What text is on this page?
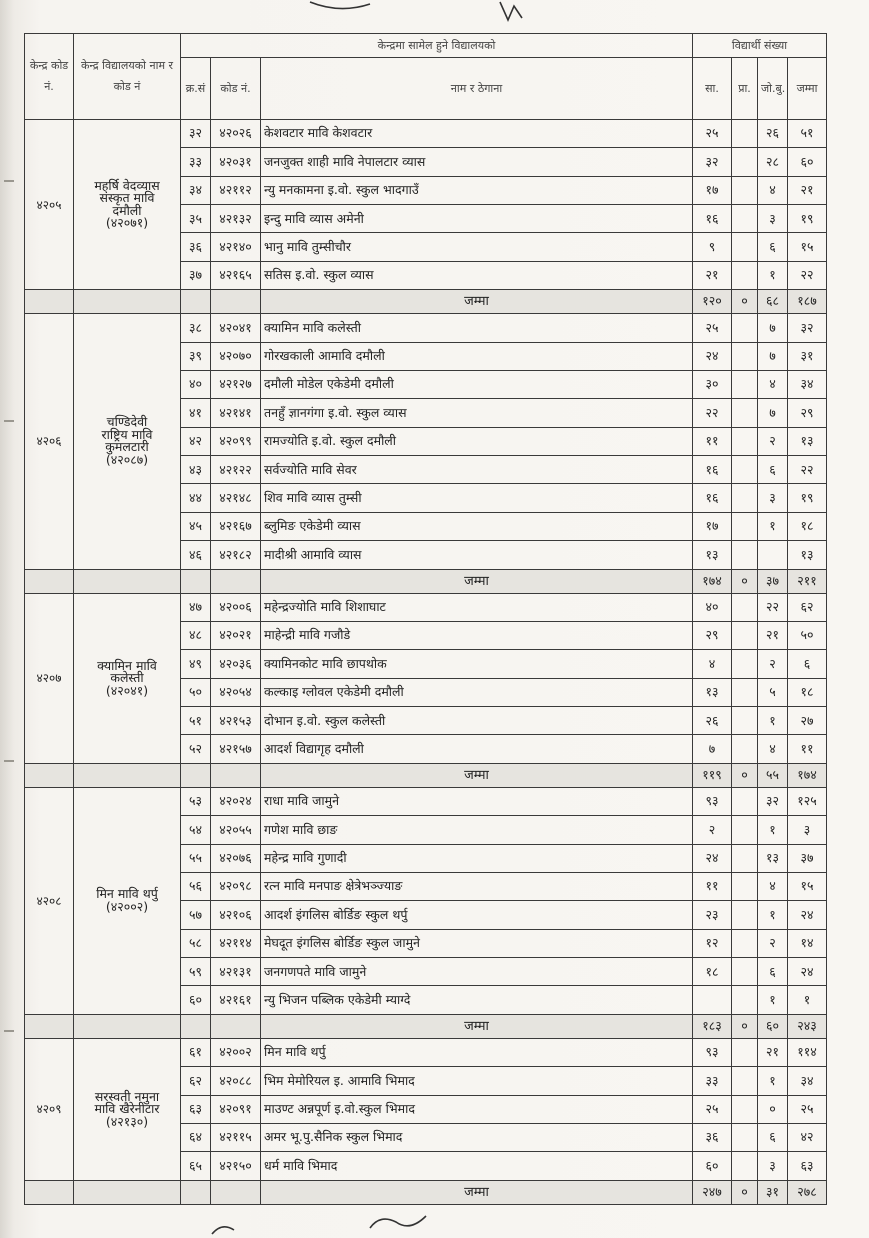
केन्द्र कोड नं.	केन्द्र विद्यालयको नाम र कोड नं	केन्द्रमा सामेल हुने विद्यालयको			विद्यार्थी संख्या			
		क्र.सं	कोड नं.	नाम र ठेगाना	सा.	प्रा.	जो.बु.	जम्मा
४२०५	महर्षि वेदव्यास
संस्कृत मावि
दमौली
(४२०७१)	३२	४२०२६	केशवटार मावि केशवटार	२५		२६	५१
		३३	४२०३१	जनजुक्त शाही मावि नेपालटार व्यास	३२		२८	६०
		३४	४२११२	न्यु मनकामना इ.वो. स्कुल भादगाउँ	१७		४	२१
		३५	४२१३२	इन्दु मावि व्यास अमेनी	१६		३	१९
		३६	४२१४०	भानु मावि तुम्सीचौर	९		६	१५
		३७	४२१६५	सतिस इ.वो. स्कुल व्यास	२१		१	२२
				जम्मा	१२०	०	६८	१८७
४२०६	चण्डिदेवी
राष्ट्रिय मावि
कुमलटारी
(४२०८७)	३८	४२०४१	क्यामिन मावि कलेस्ती	२५		७	३२
		३९	४२०७०	गोरखकाली आमावि दमौली	२४		७	३१
		४०	४२१२७	दमौली मोडेल एकेडेमी दमौली	३०		४	३४
		४१	४२१४१	तनहुँ ज्ञानगंगा इ.वो. स्कुल व्यास	२२		७	२९
		४२	४२०९९	रामज्योति इ.वो. स्कुल दमौली	११		२	१३
		४३	४२१२२	सर्वज्योति मावि सेवर	१६		६	२२
		४४	४२१४८	शिव मावि व्यास तुम्सी	१६		३	१९
		४५	४२१६७	ब्लुमिङ एकेडेमी व्यास	१७		१	१८
		४६	४२१८२	मादीश्री आमावि व्यास	१३			१३
				जम्मा	१७४	०	३७	२११
४२०७	क्यामिन मावि
कलेस्ती
(४२०४१)	४७	४२००६	महेन्द्रज्योति मावि शिशाघाट	४०		२२	६२
		४८	४२०२१	माहेन्द्री मावि गजौडे	२९		२१	५०
		४९	४२०३६	क्यामिनकोट मावि छापथोक	४		२	६
		५०	४२०५४	कल्काइ ग्लोवल एकेडेमी दमौली	१३		५	१८
		५१	४२१५३	दोभान इ.वो. स्कुल कलेस्ती	२६		१	२७
		५२	४२१५७	आदर्श विद्यागृह दमौली	७		४	११
				जम्मा	११९	०	५५	१७४
४२०८	मिन मावि थर्पु
(४२००२)	५३	४२०२४	राधा मावि जामुने	९३		३२	१२५
		५४	४२०५५	गणेश मावि छाङ	२		१	३
		५५	४२०७६	महेन्द्र मावि गुणादी	२४		१३	३७
		५६	४२०९८	रत्न मावि मनपाङ क्षेत्रेभञ्ज्याङ	११		४	१५
		५७	४२१०६	आदर्श इंगलिस बोर्डिङ स्कुल थर्पु	२३		१	२४
		५८	४२११४	मेघदूत इंगलिस बोर्डिङ स्कुल जामुने	१२		२	१४
		५९	४२१३१	जनगणपते मावि जामुने	१८		६	२४
		६०	४२१६१	न्यु भिजन पब्लिक एकेडेमी म्याग्दे			१	१
				जम्मा	१८३	०	६०	२४३
४२०९	सरस्वती नमुना
मावि खैरेनीटार
(४२१३०)	६१	४२००२	मिन मावि थर्पु	९३		२१	११४
		६२	४२०८८	भिम मेमोरियल इ. आमावि भिमाद	३३		१	३४
		६३	४२०९१	माउण्ट अन्नपूर्ण इ.वो.स्कुल भिमाद	२५		०	२५
		६४	४२११५	अमर भू.पु.सैनिक स्कुल भिमाद	३६		६	४२
		६५	४२१५०	धर्म मावि भिमाद	६०		३	६३
				जम्मा	२४७	०	३१	२७८
